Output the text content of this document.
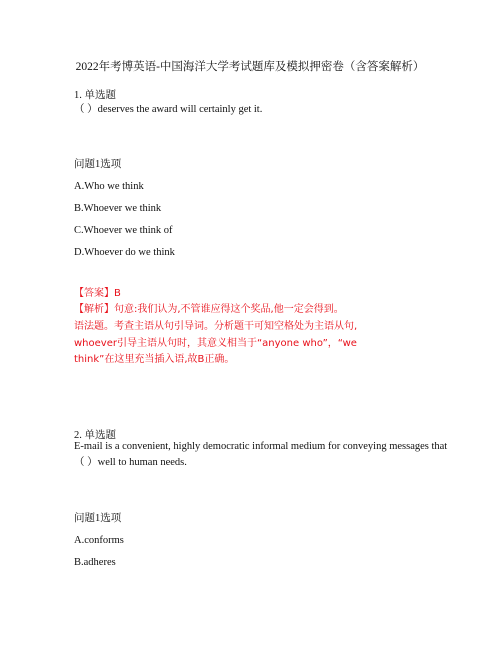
2022年考博英语-中国海洋大学考试题库及模拟押密卷（含答案解析）
1. 单选题
（ ）deserves the award will certainly get it.
问题1选项
A.Who we think
B.Whoever we think
C.Whoever we think of
D.Whoever do we think
【答案】B
【解析】句意:我们认为,不管谁应得这个奖品,他一定会得到。
语法题。考查主语从句引导词。分析题干可知空格处为主语从句,
whoever引导主语从句时，其意义相当于“anyone who”，“we
think”在这里充当插入语,故B正确。
2. 单选题
E-mail is a convenient, highly democratic informal medium for conveying messages that
（ ）well to human needs.
问题1选项
A.conforms
B.adheres
